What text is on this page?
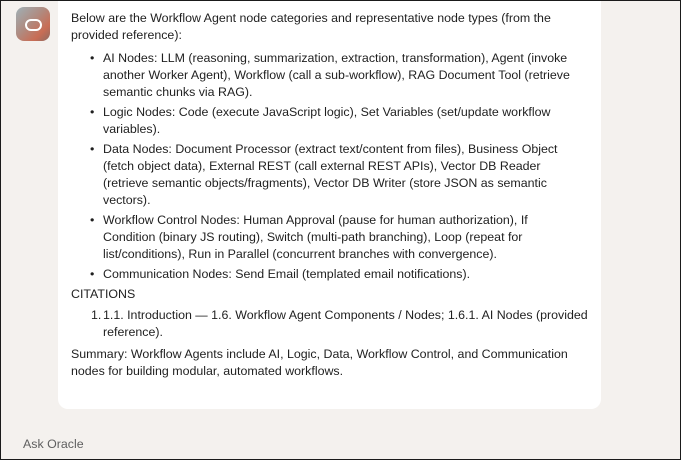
Below are the Workflow Agent node categories and representative node types (from the provided reference):

• AI Nodes: LLM (reasoning, summarization, extraction, transformation), Agent (invoke another Worker Agent), Workflow (call a sub-workflow), RAG Document Tool (retrieve semantic chunks via RAG).
• Logic Nodes: Code (execute JavaScript logic), Set Variables (set/update workflow variables).
• Data Nodes: Document Processor (extract text/content from files), Business Object (fetch object data), External REST (call external REST APIs), Vector DB Reader (retrieve semantic objects/fragments), Vector DB Writer (store JSON as semantic vectors).
• Workflow Control Nodes: Human Approval (pause for human authorization), If Condition (binary JS routing), Switch (multi-path branching), Loop (repeat for list/conditions), Run in Parallel (concurrent branches with convergence).
• Communication Nodes: Send Email (templated email notifications).

CITATIONS

1. 1.1. Introduction — 1.6. Workflow Agent Components / Nodes; 1.6.1. AI Nodes (provided reference).

Summary: Workflow Agents include AI, Logic, Data, Workflow Control, and Communication nodes for building modular, automated workflows.

Ask Oracle
